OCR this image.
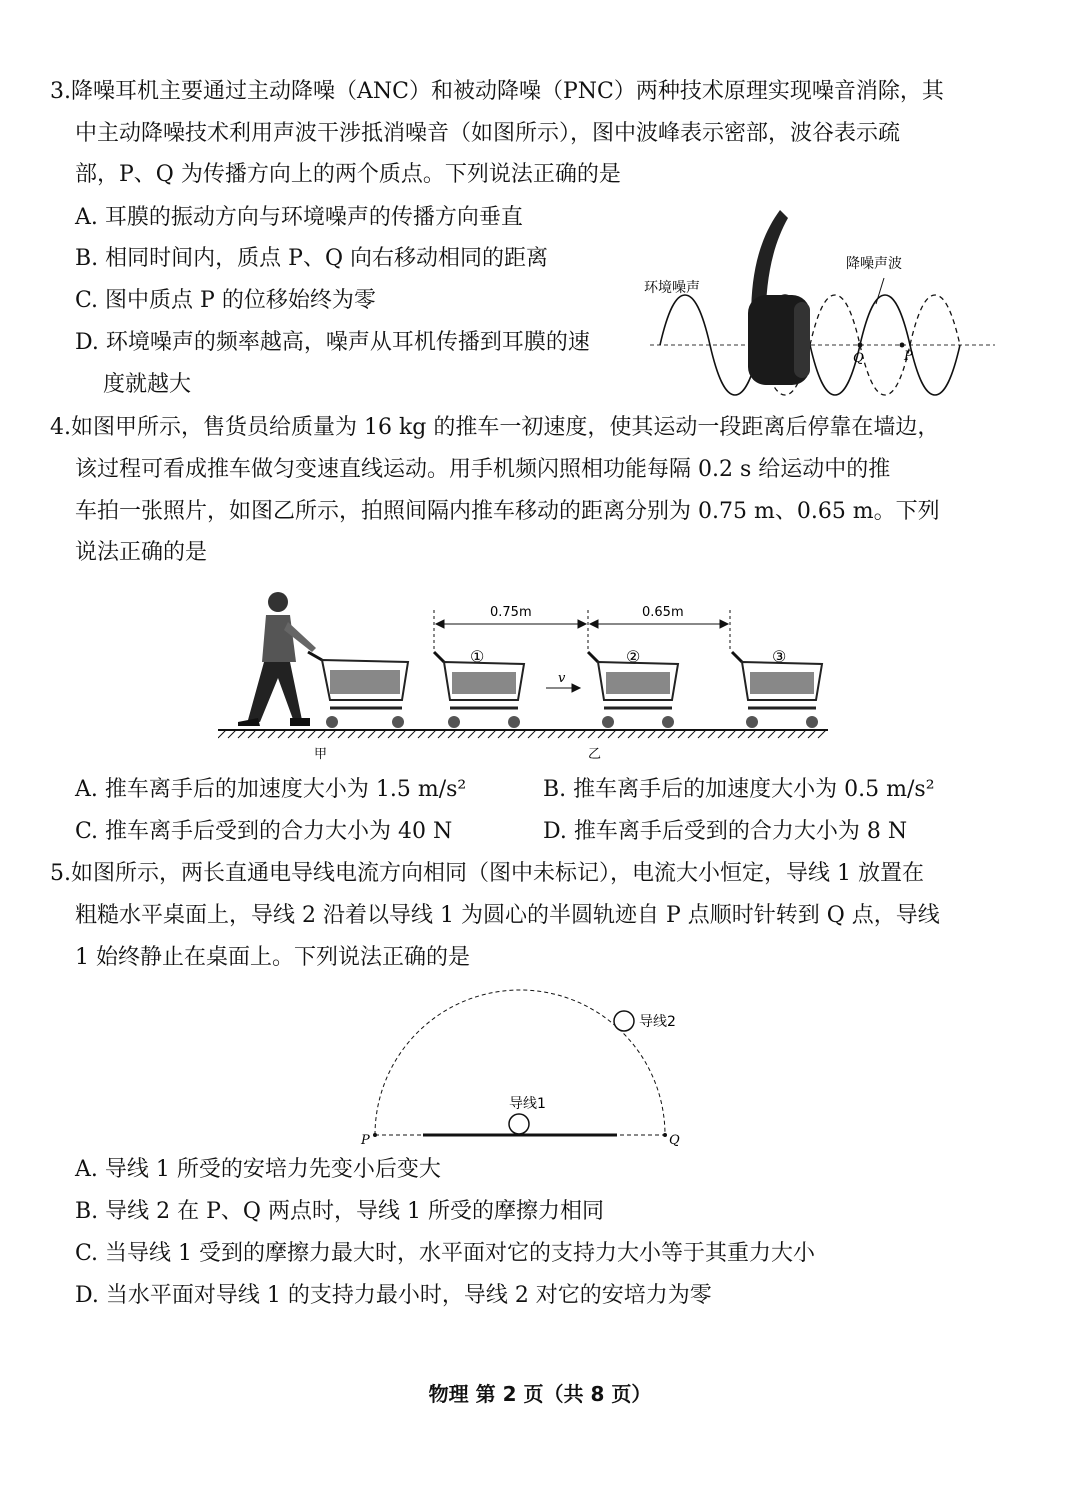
3.降噪耳机主要通过主动降噪（ANC）和被动降噪（PNC）两种技术原理实现噪音消除，其
中主动降噪技术利用声波干涉抵消噪音（如图所示），图中波峰表示密部，波谷表示疏
部，P、Q 为传播方向上的两个质点。下列说法正确的是
A. 耳膜的振动方向与环境噪声的传播方向垂直
B. 相同时间内，质点 P、Q 向右移动相同的距离
C. 图中质点 P 的位移始终为零
D. 环境噪声的频率越高，噪声从耳机传播到耳膜的速
度就越大
环境噪声
降噪声波
Q	P
4.如图甲所示，售货员给质量为 16 kg 的推车一初速度，使其运动一段距离后停靠在墙边，
该过程可看成推车做匀变速直线运动。用手机频闪照相功能每隔 0.2 s 给运动中的推
车拍一张照片，如图乙所示，拍照间隔内推车移动的距离分别为 0.75 m、0.65 m。下列
说法正确的是
0.75m	0.65m
①	②	③
v
甲	乙
A. 推车离手后的加速度大小为 1.5 m/s²	B. 推车离手后的加速度大小为 0.5 m/s²
C. 推车离手后受到的合力大小为 40 N	D. 推车离手后受到的合力大小为 8 N
5.如图所示，两长直通电导线电流方向相同（图中未标记），电流大小恒定，导线 1 放置在
粗糙水平桌面上，导线 2 沿着以导线 1 为圆心的半圆轨迹自 P 点顺时针转到 Q 点，导线
1 始终静止在桌面上。下列说法正确的是
导线1
导线2
P	Q
A. 导线 1 所受的安培力先变小后变大
B. 导线 2 在 P、Q 两点时，导线 1 所受的摩擦力相同
C. 当导线 1 受到的摩擦力最大时，水平面对它的支持力大小等于其重力大小
D. 当水平面对导线 1 的支持力最小时，导线 2 对它的安培力为零
物理 第 2 页（共 8 页）
